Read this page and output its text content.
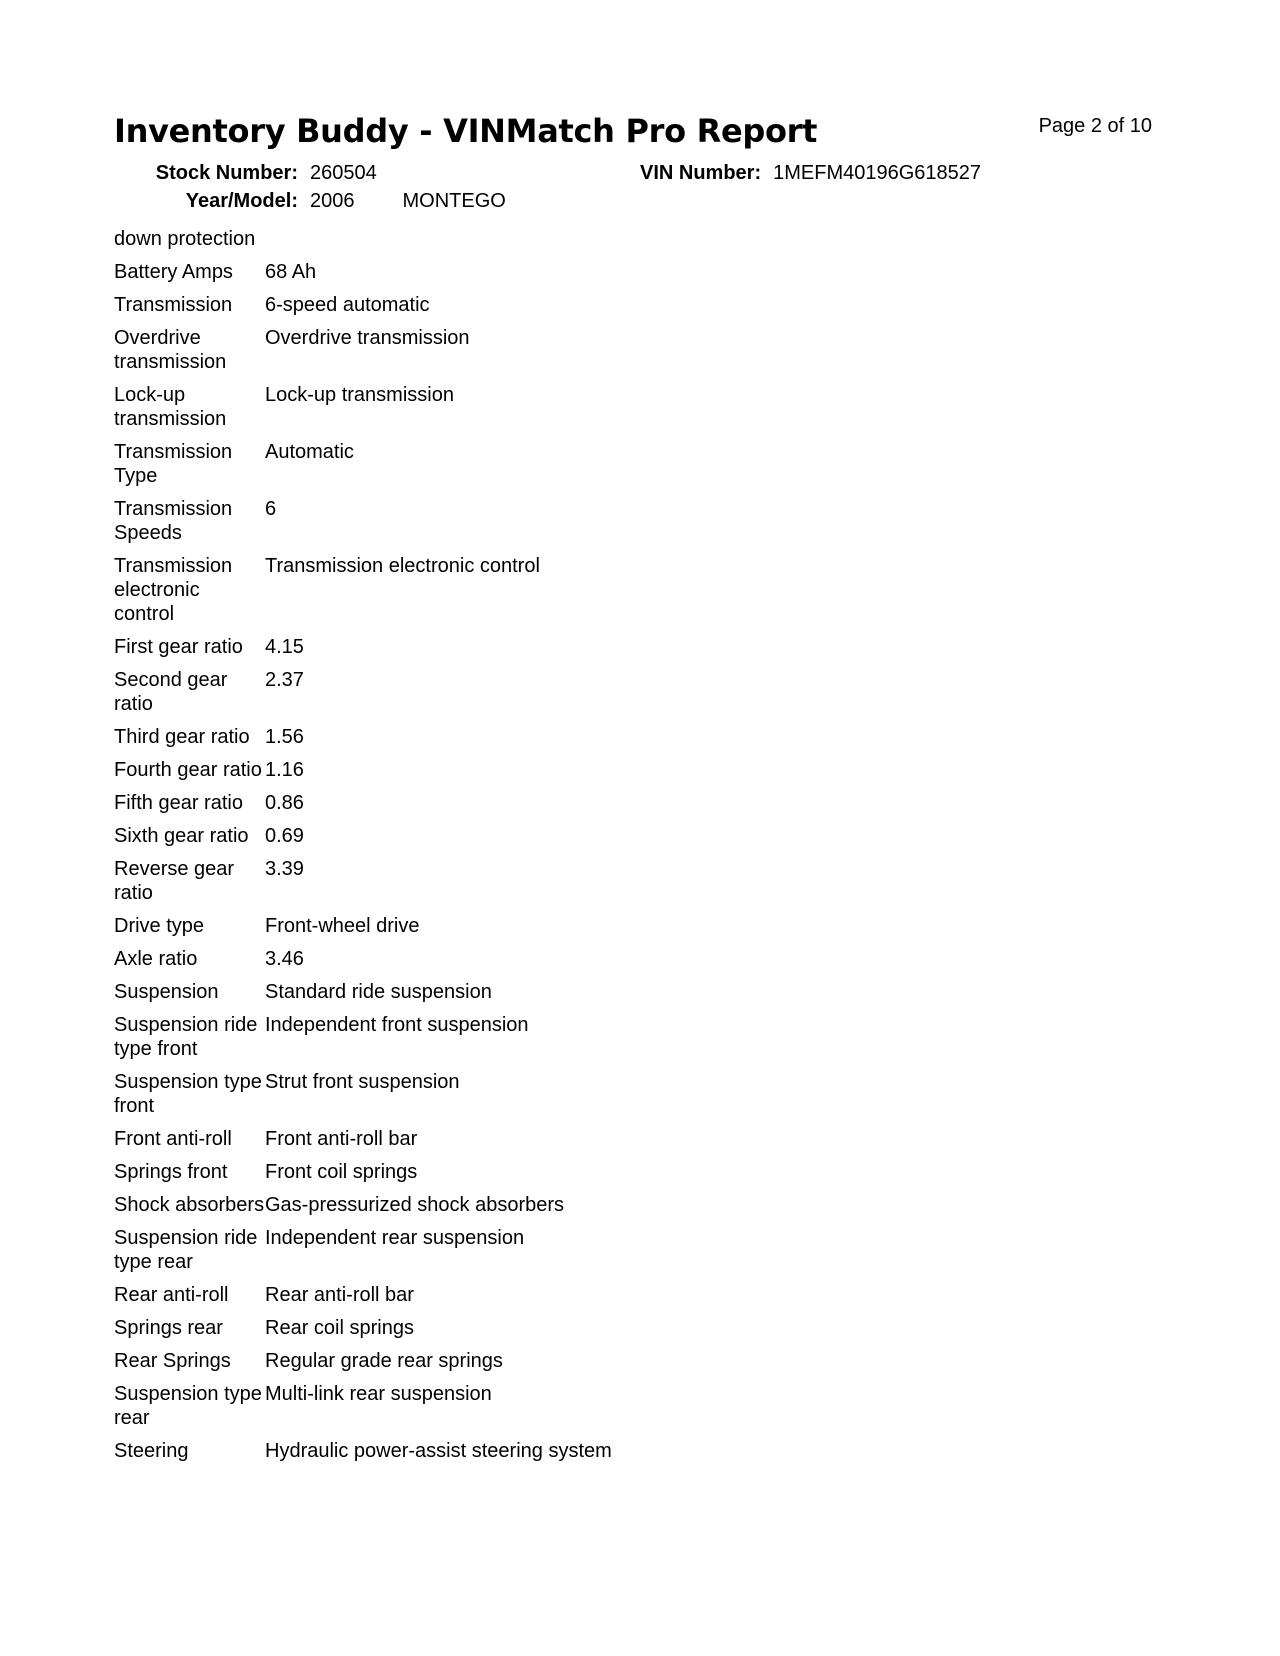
Inventory Buddy - VINMatch Pro Report	Page 2 of 10
Stock Number: 260504	VIN Number: 1MEFM40196G618527
Year/Model: 2006 MONTEGO
down protection	
Battery Amps	68 Ah
Transmission	6-speed automatic
Overdrive transmission	Overdrive transmission
Lock-up transmission	Lock-up transmission
Transmission Type	Automatic
Transmission Speeds	6
Transmission electronic control	Transmission electronic control
First gear ratio	4.15
Second gear ratio	2.37
Third gear ratio	1.56
Fourth gear ratio	1.16
Fifth gear ratio	0.86
Sixth gear ratio	0.69
Reverse gear ratio	3.39
Drive type	Front-wheel drive
Axle ratio	3.46
Suspension	Standard ride suspension
Suspension ride type front	Independent front suspension
Suspension type front	Strut front suspension
Front anti-roll	Front anti-roll bar
Springs front	Front coil springs
Shock absorbers	Gas-pressurized shock absorbers
Suspension ride type rear	Independent rear suspension
Rear anti-roll	Rear anti-roll bar
Springs rear	Rear coil springs
Rear Springs	Regular grade rear springs
Suspension type rear	Multi-link rear suspension
Steering	Hydraulic power-assist steering system
